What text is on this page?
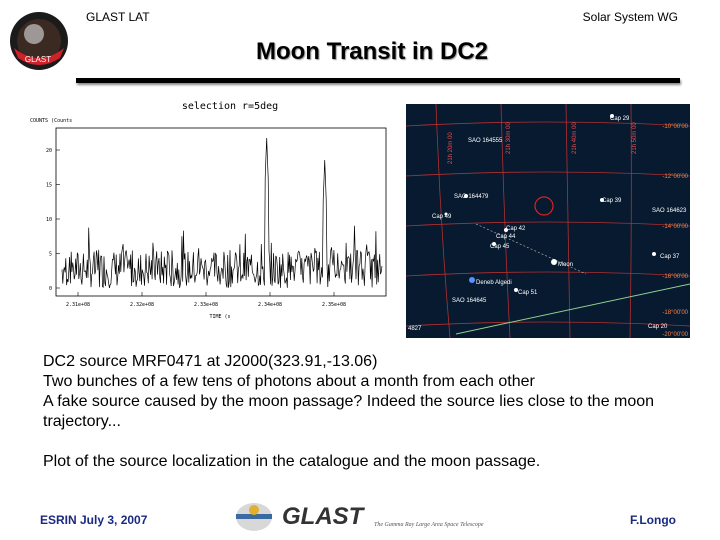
GLAST
GLAST LAT	Solar System WG
Moon Transit in DC2
selection r=5deg
COUNTS (Counts
20
15
10
5
0
2.31e+08	2.32e+08	2.33e+08	2.34e+08	2.35e+08
TIME (s
SAO 164555
SAO 164479
SAO 164623
Deneb Algedi
SAO 164645
Moon
Cap 42
Cap 44
Cap 45
Cap 29
Cap 39
Cap 49
Cap 37
Cap 51
Cap 20
4827
21h 30m 00	21h 40m 00	21h 50m 00
21h 20m 00
-10°00'00
-12°00'00
-14°00'00
-16°00'00
-18°00'00
-20°00'00

DC2 source MRF0471 at J2000(323.91,-13.06)

Two bunches of a few tens of photons about a month from each other

A fake source caused by the moon passage? Indeed the source lies close to the moon trajectory...

Plot of the source localization in the catalogue and the moon passage.

ESRIN July 3, 2007	GLAST	The Gamma Ray Large Area Space Telescope	F.Longo
